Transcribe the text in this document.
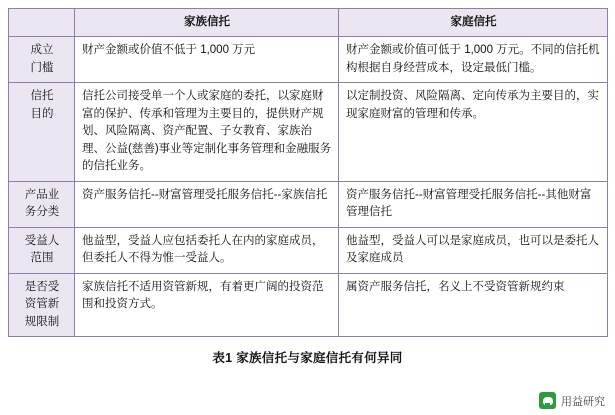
	家族信托	家庭信托

成立
门槛	财产金额或价值不低于 1,000 万元	财产金额或价值可低于 1,000 万元。不同的信托机构根据自身经营成本，设定最低门槛。

信托
目的	信托公司接受单一个人或家庭的委托，以家庭财富的保护、传承和管理为主要目的，提供财产规划、风险隔离、资产配置、子女教育、家族治理、公益(慈善)事业等定制化事务管理和金融服务的信托业务。	以定制投资、风险隔离、定向传承为主要目的，实现家庭财富的管理和传承。

产品业
务分类	资产服务信托--财富管理受托服务信托--家族信托	资产服务信托--财富管理受托服务信托--其他财富管理信托

受益人
范围	他益型，受益人应包括委托人在内的家庭成员，但委托人不得为惟一受益人。	他益型，受益人可以是家庭成员，也可以是委托人及家庭成员

是否受
资管新
规限制	家族信托不适用资管新规，有着更广阔的投资范围和投资方式。	属资产服务信托，名义上不受资管新规约束
表1 家族信托与家庭信托有何异同
用益研究
